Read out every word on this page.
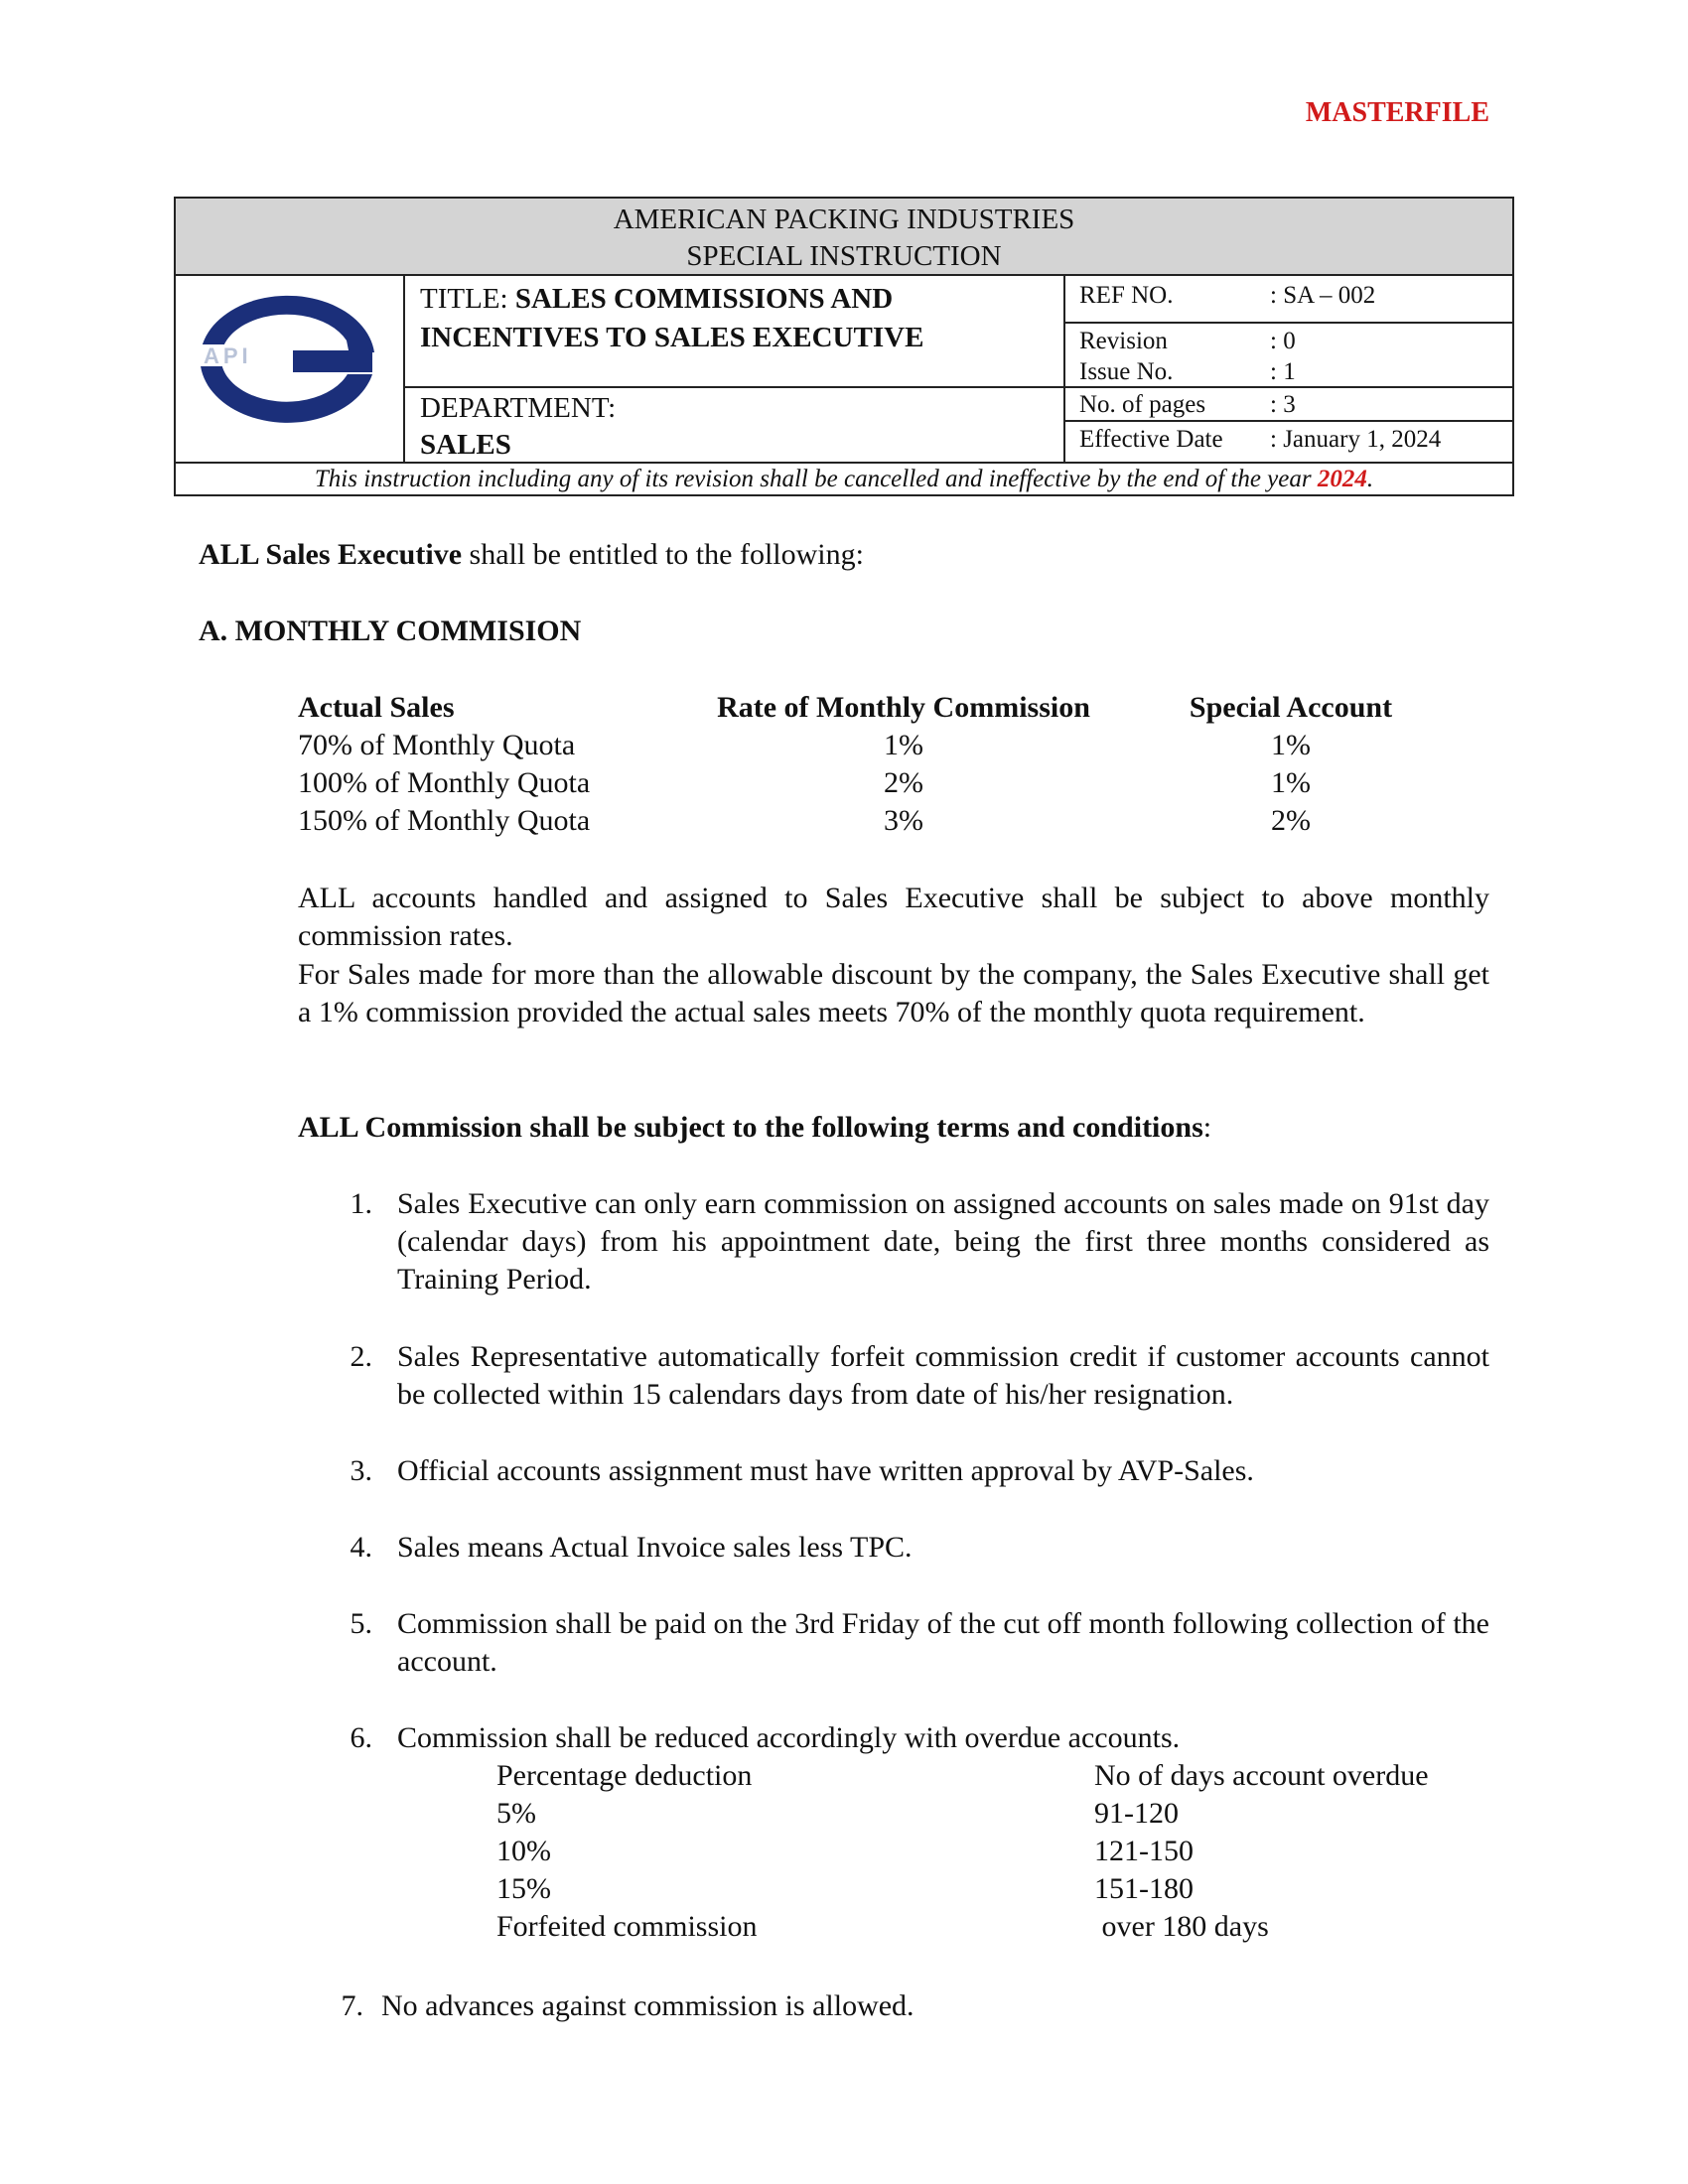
MASTERFILE
AMERICAN PACKING INDUSTRIES
SPECIAL INSTRUCTION
API
TITLE: SALES COMMISSIONS AND
INCENTIVES TO SALES EXECUTIVE
DEPARTMENT:
SALES
REF NO.	: SA – 002
Revision	: 0
Issue No.	: 1
No. of pages	: 3
Effective Date : January 1, 2024
This instruction including any of its revision shall be cancelled and ineffective by the end of the year 2024.
ALL Sales Executive shall be entitled to the following:
A. MONTHLY COMMISION
Actual Sales	Rate of Monthly Commission	Special Account
70% of Monthly Quota	1%	1%
100% of Monthly Quota	2%	1%
150% of Monthly Quota	3%	2%
ALL accounts handled and assigned to Sales Executive shall be subject to above monthly commission rates.
For Sales made for more than the allowable discount by the company, the Sales Executive shall get a 1% commission provided the actual sales meets 70% of the monthly quota requirement.
ALL Commission shall be subject to the following terms and conditions:
1. Sales Executive can only earn commission on assigned accounts on sales made on 91st day (calendar days) from his appointment date, being the first three months considered as Training Period.
2. Sales Representative automatically forfeit commission credit if customer accounts cannot be collected within 15 calendars days from date of his/her resignation.
3. Official accounts assignment must have written approval by AVP-Sales.
4. Sales means Actual Invoice sales less TPC.
5. Commission shall be paid on the 3rd Friday of the cut off month following collection of the account.
6. Commission shall be reduced accordingly with overdue accounts.
Percentage deduction	No of days account overdue
5%	91-120
10%	121-150
15%	151-180
Forfeited commission	over 180 days
7. No advances against commission is allowed.
